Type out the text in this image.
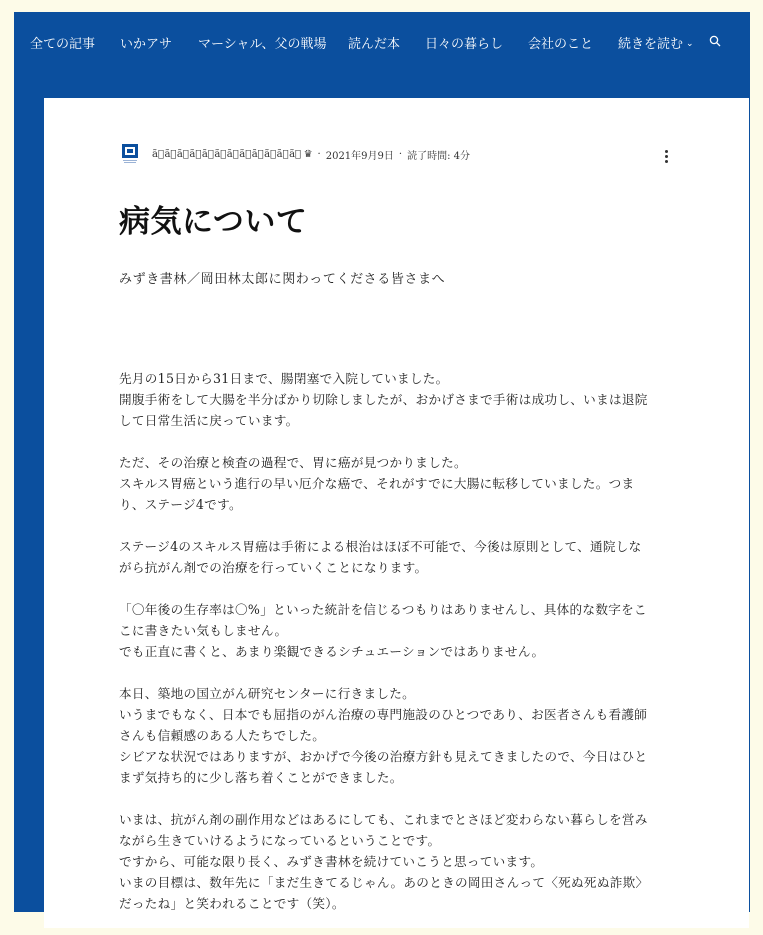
全ての記事 いかアサ マーシャル、父の戦場 読んだ本 日々の暮らし 会社のこと 続きを読む ⌄
ã⃞ã⃞ã⃞ã⃞ã⃞ã⃞ã⃞ã⃞ã⃞ã⃞ã⃞ã⃞ ♛ · 2021年9月9日 · 読了時間: 4分
病気について
みずき書林／岡田林太郎に関わってくださる皆さまへ

先月の15日から31日まで、腸閉塞で入院していました。
開腹手術をして大腸を半分ばかり切除しましたが、おかげさまで手術は成功し、いまは退院
して日常生活に戻っています。

ただ、その治療と検査の過程で、胃に癌が見つかりました。
スキルス胃癌という進行の早い厄介な癌で、それがすでに大腸に転移していました。つま
り、ステージ4です。

ステージ4のスキルス胃癌は手術による根治はほぼ不可能で、今後は原則として、通院しな
がら抗がん剤での治療を行っていくことになります。

「〇年後の生存率は〇%」といった統計を信じるつもりはありませんし、具体的な数字をこ
こに書きたい気もしません。
でも正直に書くと、あまり楽観できるシチュエーションではありません。

本日、築地の国立がん研究センターに行きました。
いうまでもなく、日本でも屈指のがん治療の専門施設のひとつであり、お医者さんも看護師
さんも信頼感のある人たちでした。
シビアな状況ではありますが、おかげで今後の治療方針も見えてきましたので、今日はひと
まず気持ち的に少し落ち着くことができました。

いまは、抗がん剤の副作用などはあるにしても、これまでとさほど変わらない暮らしを営み
ながら生きていけるようになっているということです。
ですから、可能な限り長く、みずき書林を続けていこうと思っています。
いまの目標は、数年先に「まだ生きてるじゃん。あのときの岡田さんって〈死ぬ死ぬ詐欺〉
だったね」と笑われることです（笑）。
